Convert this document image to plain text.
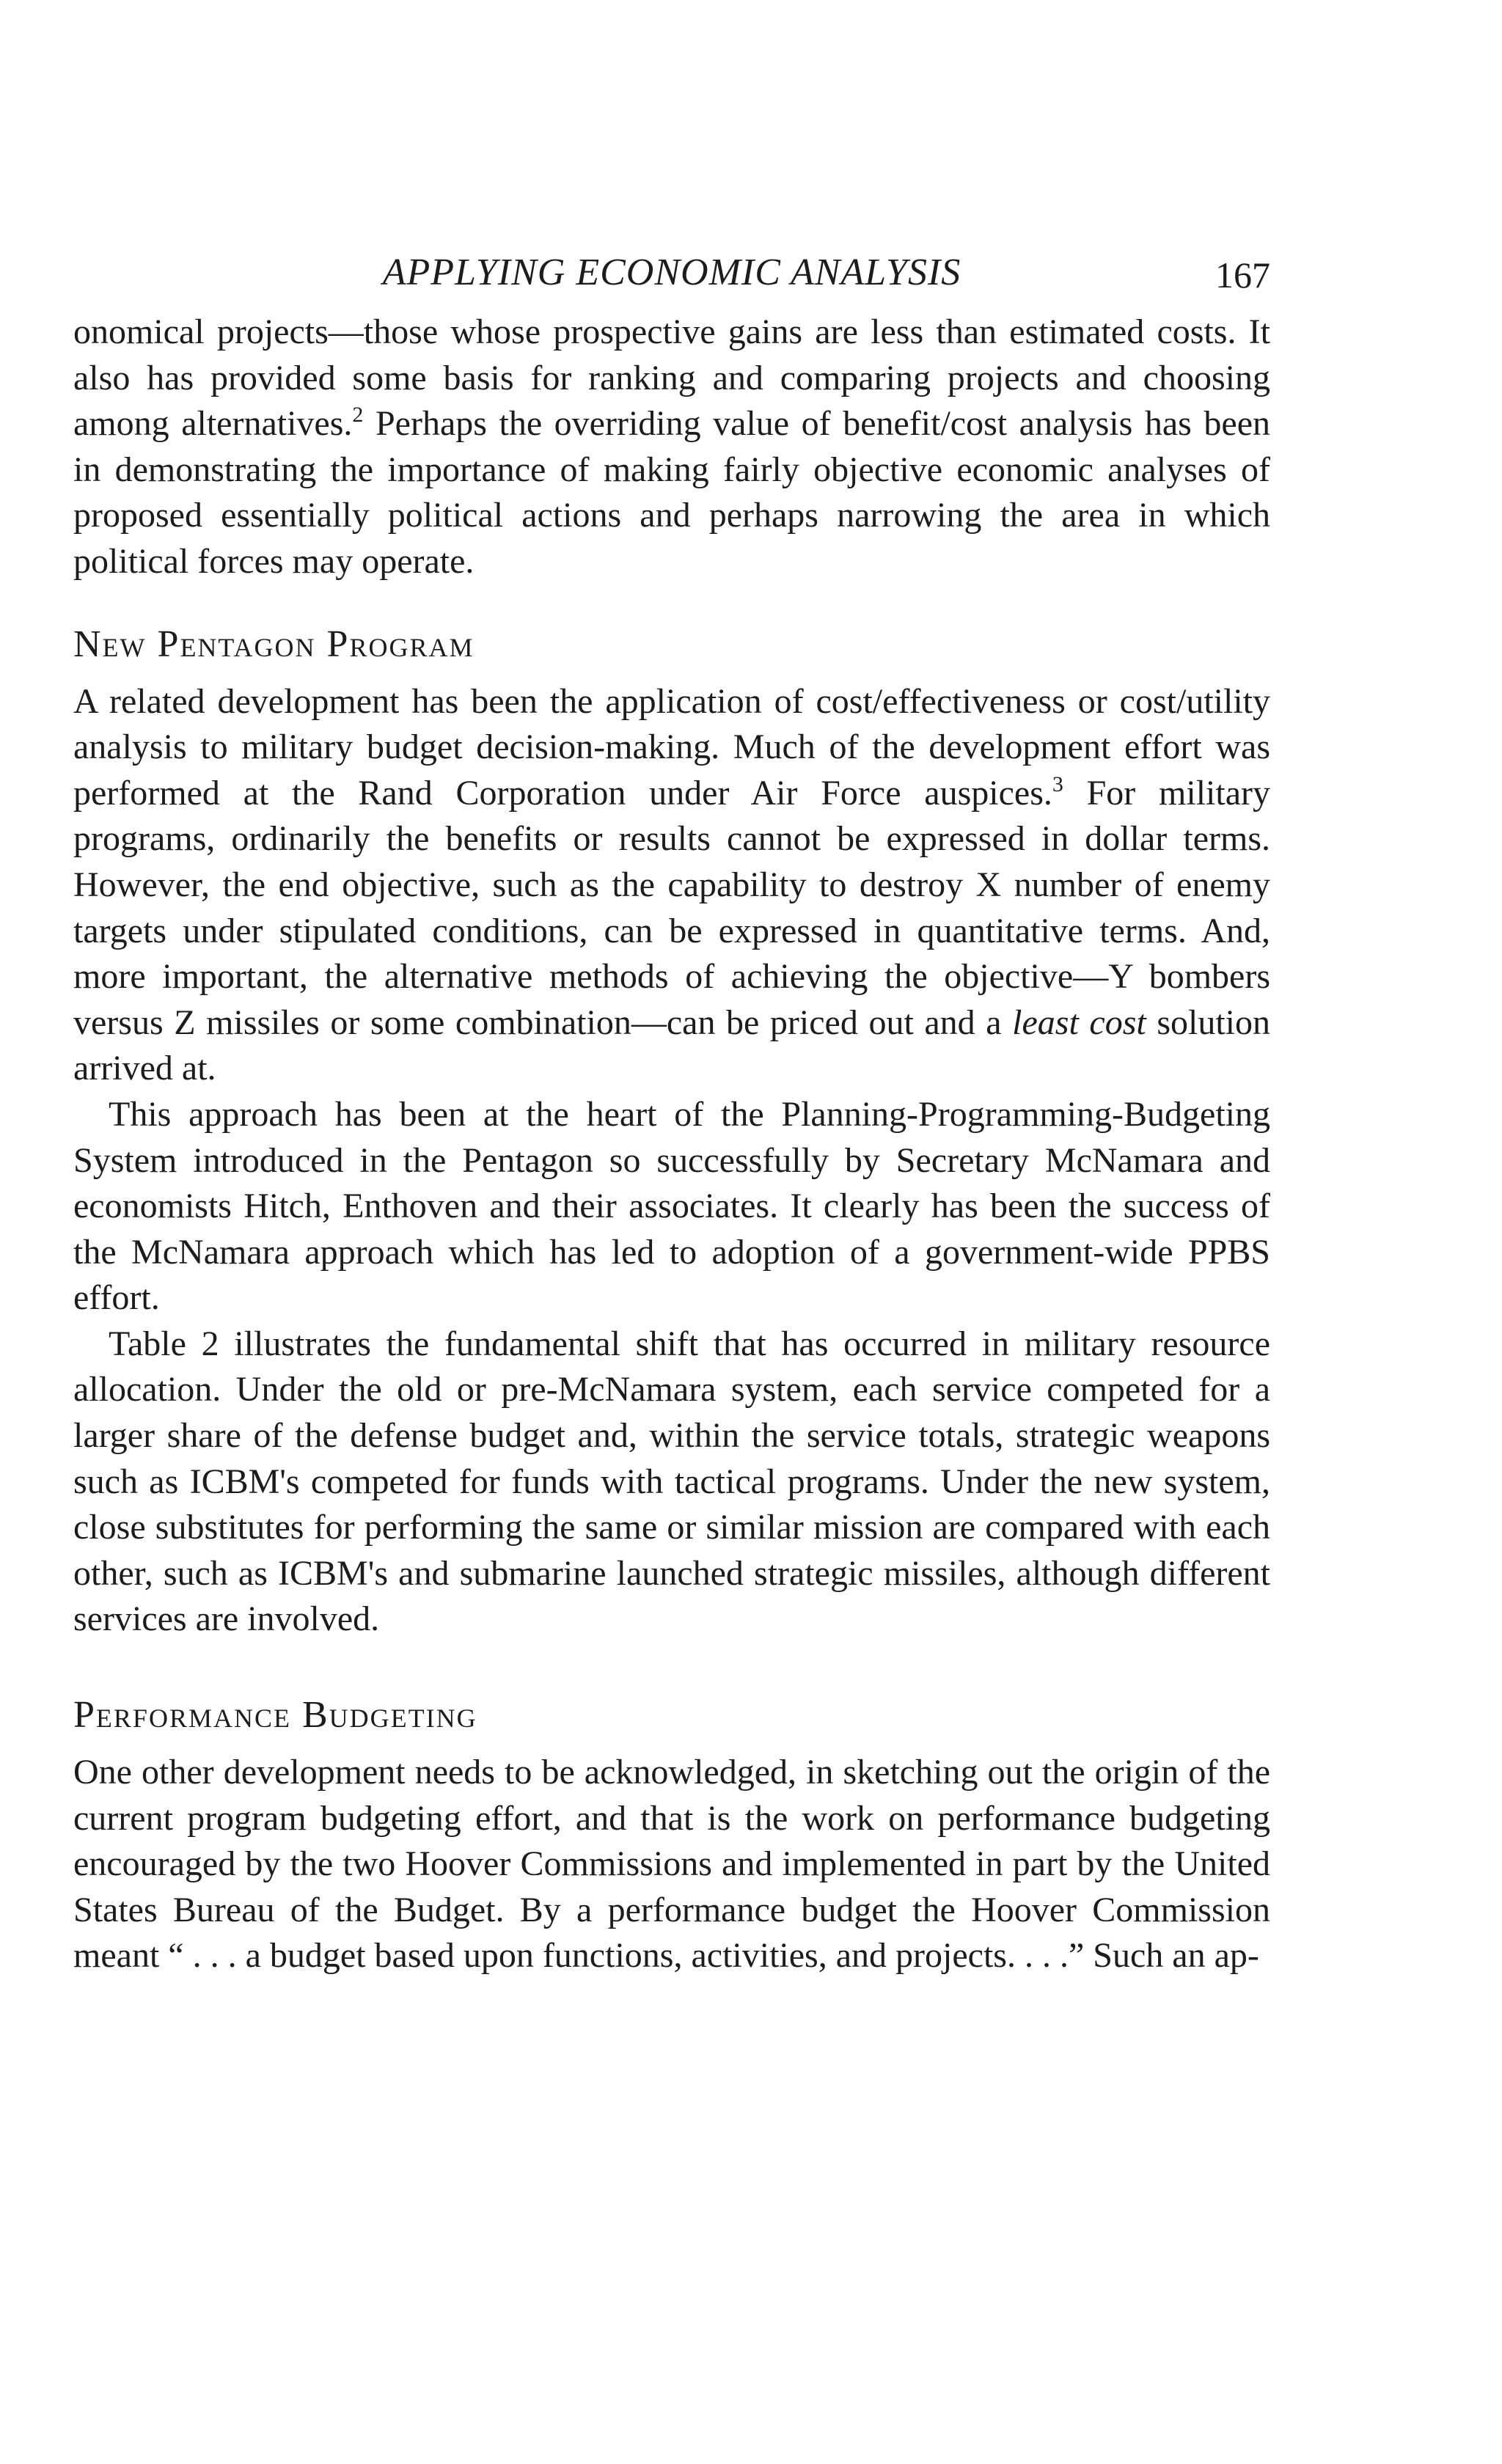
APPLYING ECONOMIC ANALYSIS	167

onomical projects—those whose prospective gains are less than estimated costs. It also has provided some basis for ranking and comparing projects and choosing among alternatives.$^2$ Perhaps the overriding value of benefit/cost analysis has been in demonstrating the importance of making fairly objective economic analyses of proposed essentially political actions and perhaps narrowing the area in which political forces may operate.

New Pentagon Program

A related development has been the application of cost/effectiveness or cost/utility analysis to military budget decision-making. Much of the development effort was performed at the Rand Corporation under Air Force auspices.$^3$ For military programs, ordinarily the benefits or results cannot be expressed in dollar terms. However, the end objective, such as the capability to destroy X number of enemy targets under stipulated conditions, can be expressed in quantitative terms. And, more important, the alternative methods of achieving the objective—Y bombers versus Z missiles or some combination—can be priced out and a least cost solution arrived at.

This approach has been at the heart of the Planning-Programming-Budgeting System introduced in the Pentagon so successfully by Secretary McNamara and economists Hitch, Enthoven and their associates. It clearly has been the success of the McNamara approach which has led to adoption of a government-wide PPBS effort.

Table 2 illustrates the fundamental shift that has occurred in military resource allocation. Under the old or pre-McNamara system, each service competed for a larger share of the defense budget and, within the service totals, strategic weapons such as ICBM's competed for funds with tactical programs. Under the new system, close substitutes for performing the same or similar mission are compared with each other, such as ICBM's and submarine launched strategic missiles, although different services are involved.

Performance Budgeting

One other development needs to be acknowledged, in sketching out the origin of the current program budgeting effort, and that is the work on performance budgeting encouraged by the two Hoover Commissions and implemented in part by the United States Bureau of the Budget. By a performance budget the Hoover Commission meant “ . . . a budget based upon functions, activities, and projects. . . .” Such an ap-
